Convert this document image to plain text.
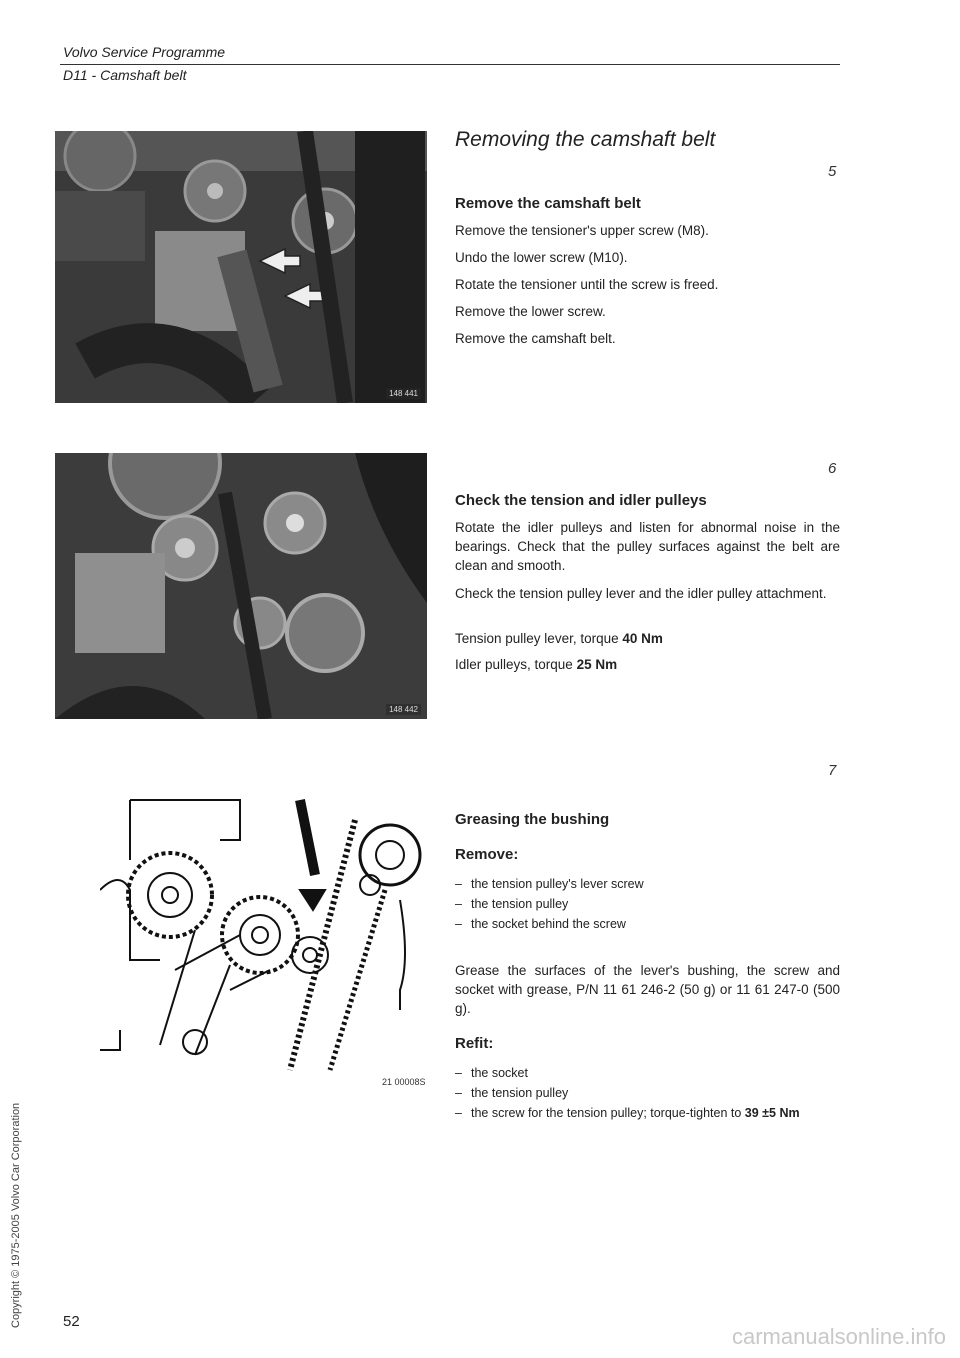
Volvo Service Programme
D11 - Camshaft belt
148 441
148 442
21 00008S
Removing the camshaft belt
5
Remove the camshaft belt

Remove the tensioner's upper screw (M8).

Undo the lower screw (M10).

Rotate the tensioner until the screw is freed.

Remove the lower screw.

Remove the camshaft belt.

6
Check the tension and idler pulleys

Rotate the idler pulleys and listen for abnormal noise in the bearings. Check that the pulley surfaces against the belt are clean and smooth.

Check the tension pulley lever and the idler pulley attachment.

Tension pulley lever, torque 40 Nm

Idler pulleys, torque 25 Nm

7
Greasing the bushing
Remove:
– the tension pulley's lever screw
– the tension pulley
– the socket behind the screw

Grease the surfaces of the lever's bushing, the screw and socket with grease, P/N 11 61 246-2 (50 g) or 11 61 247-0 (500 g).

Refit:
– the socket
– the tension pulley
– the screw for the tension pulley; torque-tighten to 39 ±5 Nm
52
Copyright © 1975-2005 Volvo Car Corporation
carmanualsonline.info
